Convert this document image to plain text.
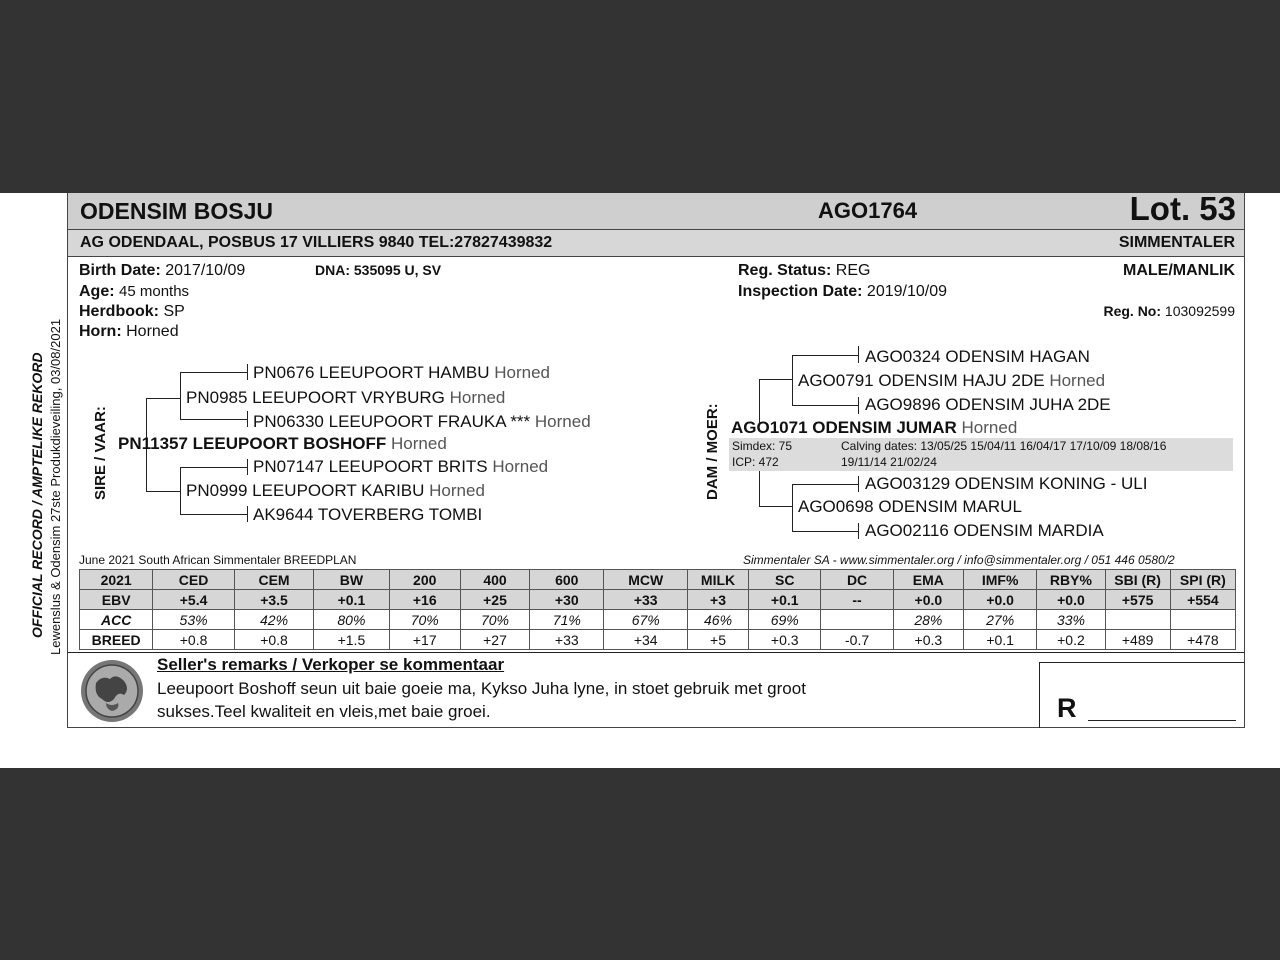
OFFICIAL RECORD / AMPTELIKE REKORD Lewenslus & Odensim 27ste Produkdieveiling, 03/08/2021
ODENSIM BOSJU	AGO1764	Lot. 53
AG ODENDAAL, POSBUS 17 VILLIERS 9840 TEL:27827439832	SIMMENTALER
Birth Date: 2017/10/09	DNA: 535095 U, SV
Age: 45 months
Herdbook: SP
Horn: Horned
Reg. Status: REG
Inspection Date: 2019/10/09
MALE/MANLIK
Reg. No: 103092599
SIRE / VAAR:
PN0676 LEEUPOORT HAMBU Horned
PN0985 LEEUPOORT VRYBURG Horned
PN06330 LEEUPOORT FRAUKA *** Horned
PN11357 LEEUPOORT BOSHOFF Horned
PN07147 LEEUPOORT BRITS Horned
PN0999 LEEUPOORT KARIBU Horned
AK9644 TOVERBERG TOMBI
DAM / MOER:
AGO0324 ODENSIM HAGAN
AGO0791 ODENSIM HAJU 2DE Horned
AGO9896 ODENSIM JUHA 2DE
AGO1071 ODENSIM JUMAR Horned
Simdex: 75
ICP: 472
Calving dates: 13/05/25 15/04/11 16/04/17 17/10/09 18/08/16
19/11/14 21/02/24
AGO03129 ODENSIM KONING - ULI
AGO0698 ODENSIM MARUL
AGO02116 ODENSIM MARDIA
June 2021 South African Simmentaler BREEDPLAN	Simmentaler SA - www.simmentaler.org / info@simmentaler.org / 051 446 0580/2
2021	CED	CEM	BW	200	400	600	MCW	MILK	SC	DC	EMA	IMF%	RBY%	SBI (R)	SPI (R)
EBV	+5.4	+3.5	+0.1	+16	+25	+30	+33	+3	+0.1	--	+0.0	+0.0	+0.0	+575	+554
ACC	53%	42%	80%	70%	70%	71%	67%	46%	69%		28%	27%	33%		
BREED	+0.8	+0.8	+1.5	+17	+27	+33	+34	+5	+0.3	-0.7	+0.3	+0.1	+0.2	+489	+478
Seller's remarks / Verkoper se kommentaar
Leeupoort Boshoff seun uit baie goeie ma, Kykso Juha lyne, in stoet gebruik met groot
sukses.Teel kwaliteit en vleis,met baie groei.	R
